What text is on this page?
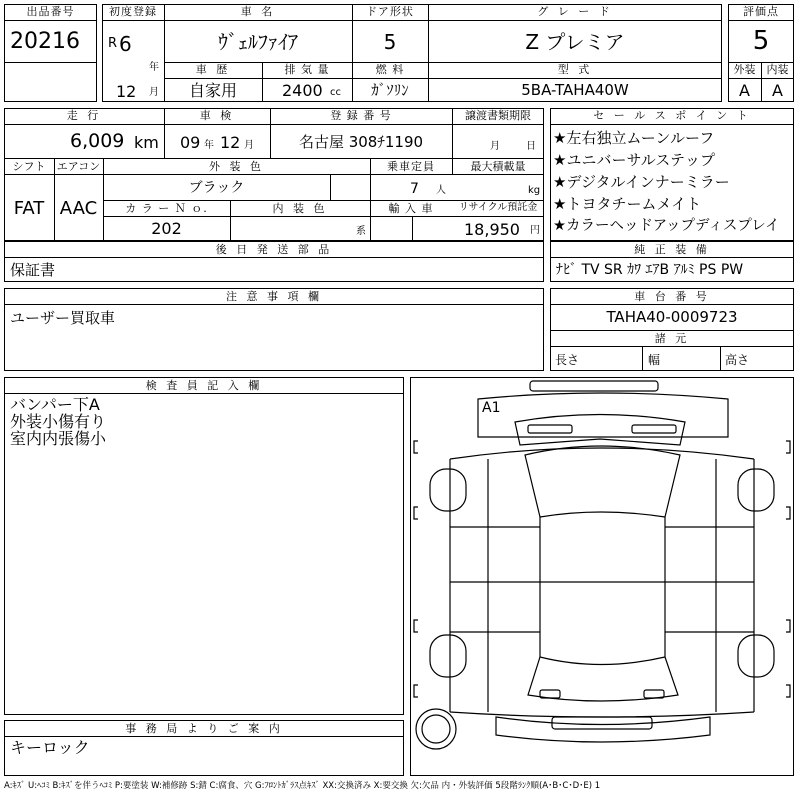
出品番号
20216
初度登録
R 6
年
12 月
車 名
ｳﾞｪﾙﾌｧｲｱ
ドア形状
5
グ レ ー ド
Z プレミア
車 歴
自家用
排 気 量
2400 cc
燃 料
ｶﾞｿﾘﾝ
型 式
5BA-TAHA40W
評価点
5
外装	内装
A	A
走 行
6,009 km
車 検
09 年 12 月
登 録 番 号
名古屋 308ﾁ1190
譲渡書類期限
月	日
シフト
FAT
エアコン
AAC
外 装 色
ブラック
乗車定員
7 人
最大積載量
kg
カ ラ ー Ｎ ｏ.
202
内 装 色
系
輸 入 車	リサイクル預託金
18,950 円
後 日 発 送 部 品
保証書
セ ー ル ス ポ イ ン ト
★左右独立ムーンルーフ
★ユニバーサルステップ
★デジタルインナーミラー
★トヨタチームメイト
★カラーヘッドアップディスプレイ
純 正 装 備
ﾅﾋﾞ TV SR ｶﾜ ｴｱB ｱﾙﾐ PS PW
注 意 事 項 欄
ユーザー買取車
車 台 番 号
TAHA40-0009723
諸 元
長さ	幅	高さ
検 査 員 記 入 欄
バンパー下A
外装小傷有り
室内内張傷小
事 務 局 よ り ご 案 内
キーロック
A1
A:ｷｽﾞ U:ﾍｺﾐ B:ｷｽﾞを伴うﾍｺﾐ P:要塗装 W:補修跡 S:錆 C:腐食、穴 G:ﾌﾛﾝﾄｶﾞﾗｽ点ｷｽﾞ XX:交換済み X:要交換 欠:欠品 内・外装評価 5段階ﾗﾝｸ順(A･B･C･D･E) 1
